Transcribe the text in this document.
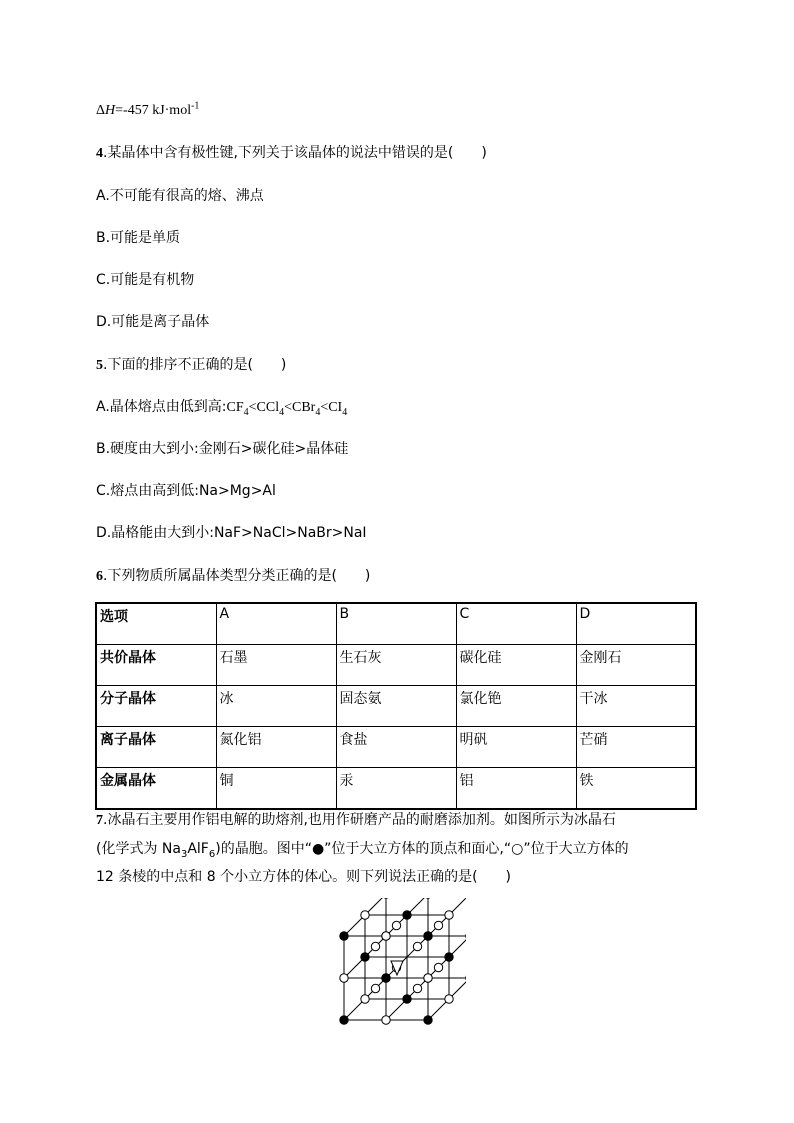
ΔH=-457 kJ·mol$^{-1}$
4.某晶体中含有极性键,下列关于该晶体的说法中错误的是(　　)
A.不可能有很高的熔、沸点
B.可能是单质
C.可能是有机物
D.可能是离子晶体
5.下面的排序不正确的是(　　)
A.晶体熔点由低到高$:CF_4<CCl_4<CBr_4<CI_4$
B.硬度由大到小:金刚石>碳化硅>晶体硅
C.熔点由高到低:Na>Mg>Al
D.晶格能由大到小:NaF>NaCl>NaBr>NaI
6.下列物质所属晶体类型分类正确的是(　　)
选项	A	B	C	D
共价晶体	石墨	生石灰	碳化硅	金刚石
分子晶体	冰	固态氨	氯化铯	干冰
离子晶体	氮化铝	食盐	明矾	芒硝
金属晶体	铜	汞	铝	铁
7.冰晶石主要用作铝电解的助熔剂,也用作研磨产品的耐磨添加剂。如图所示为冰晶石
(化学式为 $Na_3AlF_6$)的晶胞。图中“●”位于大立方体的顶点和面心,“○”位于大立方体的
12 条棱的中点和 8 个小立方体的体心。则下列说法正确的是(　　)
